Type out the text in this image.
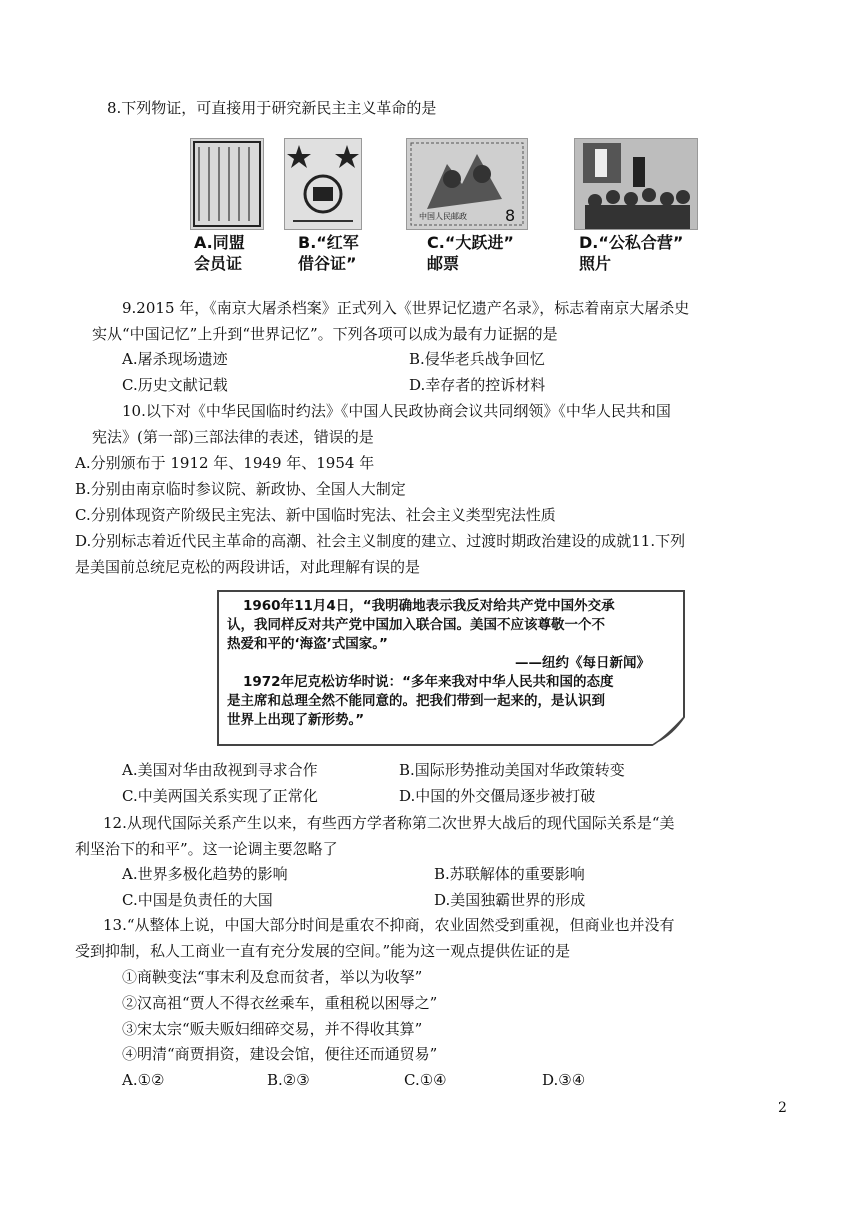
8.下列物证，可直接用于研究新民主主义革命的是
中国人民邮政 8
A.同盟
会员证
B.“红军
借谷证”
C.“大跃进”
邮票
D.“公私合营”
照片
9.2015 年，《南京大屠杀档案》正式列入《世界记忆遗产名录》，标志着南京大屠杀史
实从“中国记忆”上升到“世界记忆”。下列各项可以成为最有力证据的是
A.屠杀现场遗迹	B.侵华老兵战争回忆
C.历史文献记载	D.幸存者的控诉材料
10.以下对《中华民国临时约法》《中国人民政协商会议共同纲领》《中华人民共和国
宪法》(第一部)三部法律的表述，错误的是
A.分别颁布于 1912 年、1949 年、1954 年
B.分别由南京临时参议院、新政协、全国人大制定
C.分别体现资产阶级民主宪法、新中国临时宪法、社会主义类型宪法性质
D.分别标志着近代民主革命的高潮、社会主义制度的建立、过渡时期政治建设的成就11.下列
是美国前总统尼克松的两段讲话，对此理解有误的是
1960年11月4日，“我明确地表示我反对给共产党中国外交承
认，我同样反对共产党中国加入联合国。美国不应该尊敬一个不
热爱和平的‘海盗’式国家。”
——纽约《每日新闻》
1972年尼克松访华时说：“多年来我对中华人民共和国的态度
是主席和总理全然不能同意的。把我们带到一起来的，是认识到
世界上出现了新形势。”
A.美国对华由敌视到寻求合作	B.国际形势推动美国对华政策转变
C.中美两国关系实现了正常化	D.中国的外交僵局逐步被打破
12.从现代国际关系产生以来，有些西方学者称第二次世界大战后的现代国际关系是“美
利坚治下的和平”。这一论调主要忽略了
A.世界多极化趋势的影响	B.苏联解体的重要影响
C.中国是负责任的大国	D.美国独霸世界的形成
13.“从整体上说，中国大部分时间是重农不抑商，农业固然受到重视，但商业也并没有
受到抑制，私人工商业一直有充分发展的空间。”能为这一观点提供佐证的是
①商鞅变法“事末利及怠而贫者，举以为收孥”
②汉高祖“贾人不得衣丝乘车，重租税以困辱之”
③宋太宗“贩夫贩妇细碎交易，并不得收其算”
④明清“商贾捐资，建设会馆，便往还而通贸易”
A.①②	B.②③	C.①④	D.③④
2
